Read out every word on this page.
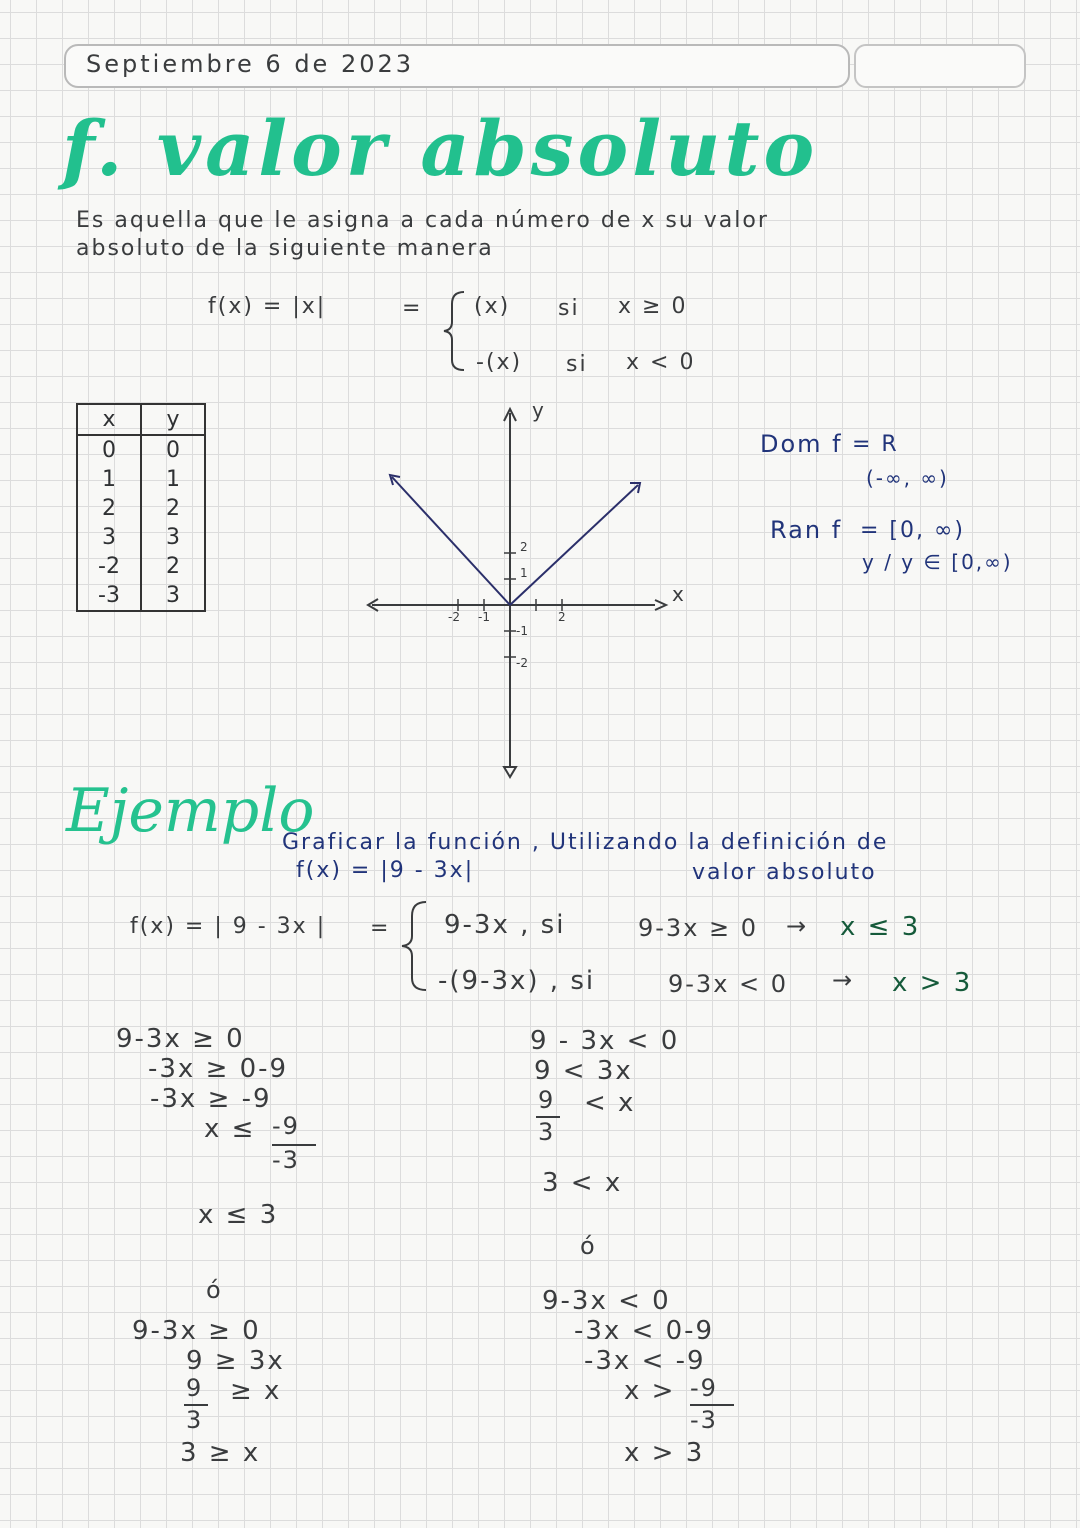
Septiembre 6 de 2023
f. valor absoluto
Es aquella que le asigna a cada número de x su valor
absoluto de la siguiente manera
f(x) = |x|	= (x) si x ≥ 0
-(x) si x < 0
x	y
0	0
1	1
2	2
3	3
-2	2
-3	3	x
y
-2 -1	2
2
1
-1
-2
Dom f = R
(-∞, ∞)
Ran f = [0, ∞)
y / y ∈ [0,∞)
Ejemplo
Graficar la función , Utilizando la definición de
valor absoluto
f(x) = |9 - 3x|
f(x) = | 9 - 3x | = 9-3x , si	9-3x ≥ 0 → x ≤ 3
-(9-3x) , si	9-3x < 0 → x > 3
9-3x ≥ 0
-3x ≥ 0-9
-3x ≥ -9
x ≤ -9
-3
x ≤ 3
ó
9-3x ≥ 0
9 ≥ 3x
9
3
≥ x
3 ≥ x
9 - 3x < 0
9 < 3x
9
3
< x
3 < x
ó
9-3x < 0
-3x < 0-9
-3x < -9
x > -9
-3
x > 3
